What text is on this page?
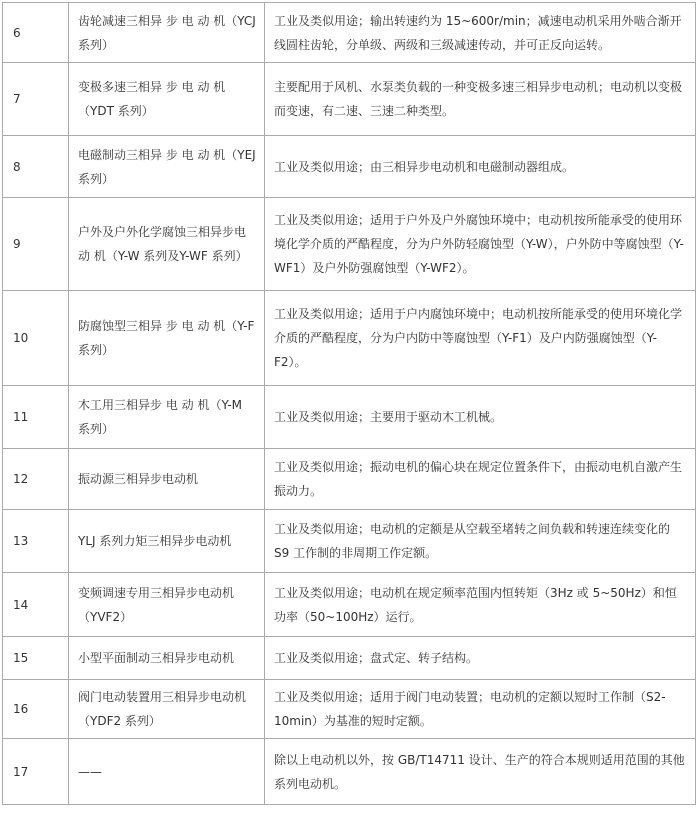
6	齿轮减速三相异 步 电 动 机（YCJ 系列）	工业及类似用途；输出转速约为 15~600r/min；减速电动机采用外啮合渐开线圆柱齿轮，分单级、两级和三级减速传动，并可正反向运转。
7	变极多速三相异 步 电 动 机（YDT 系列）	主要配用于风机、水泵类负载的一种变极多速三相异步电动机；电动机以变极而变速，有二速、三速二种类型。
8	电磁制动三相异 步 电 动 机（YEJ 系列）	工业及类似用途；由三相异步电动机和电磁制动器组成。
9	户外及户外化学腐蚀三相异步电 动 机（Y-W 系列及Y-WF 系列）	工业及类似用途；适用于户外及户外腐蚀环境中；电动机按所能承受的使用环境化学介质的严酷程度，分为户外防轻腐蚀型（Y-W），户外防中等腐蚀型（Y-WF1）及户外防强腐蚀型（Y-WF2）。
10	防腐蚀型三相异 步 电 动 机（Y-F 系列）	工业及类似用途；适用于户内腐蚀环境中；电动机按所能承受的使用环境化学介质的严酷程度，分为户内防中等腐蚀型（Y-F1）及户内防强腐蚀型（Y-F2）。
11	木工用三相异步 电 动 机（Y-M 系列）	工业及类似用途；主要用于驱动木工机械。
12	振动源三相异步电动机	工业及类似用途；振动电机的偏心块在规定位置条件下，由振动电机自激产生振动力。
13	YLJ 系列力矩三相异步电动机	工业及类似用途；电动机的定额是从空载至堵转之间负载和转速连续变化的 S9 工作制的非周期工作定额。
14	变频调速专用三相异步电动机（YVF2）	工业及类似用途；电动机在规定频率范围内恒转矩（3Hz 或 5~50Hz）和恒功率（50~100Hz）运行。
15	小型平面制动三相异步电动机	工业及类似用途；盘式定、转子结构。
16	阀门电动装置用三相异步电动机（YDF2 系列）	工业及类似用途；适用于阀门电动装置；电动机的定额以短时工作制（S2-10min）为基准的短时定额。
17	——	除以上电动机以外，按 GB/T14711 设计、生产的符合本规则适用范围的其他系列电动机。
